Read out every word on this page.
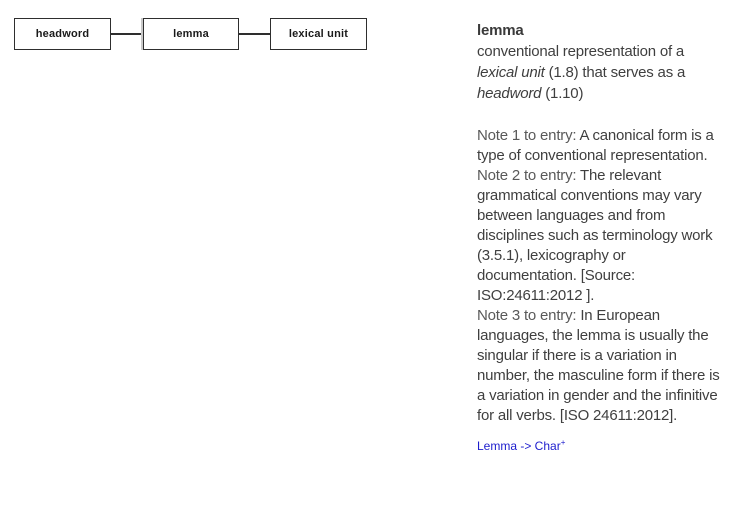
headword	lemma	lexical unit	lemma
conventional representation of a lexical unit (1.8) that serves as a headword (1.10)
Note 1 to entry: A canonical form is a type of conventional representation.
Note 2 to entry: The relevant grammatical conventions may vary between languages and from disciplines such as terminology work (3.5.1), lexicography or documentation. [Source: ISO:24611:2012 ].
Note 3 to entry: In European languages, the lemma is usually the singular if there is a variation in number, the masculine form if there is a variation in gender and the infinitive for all verbs. [ISO 24611:2012].
Lemma -> Char+
